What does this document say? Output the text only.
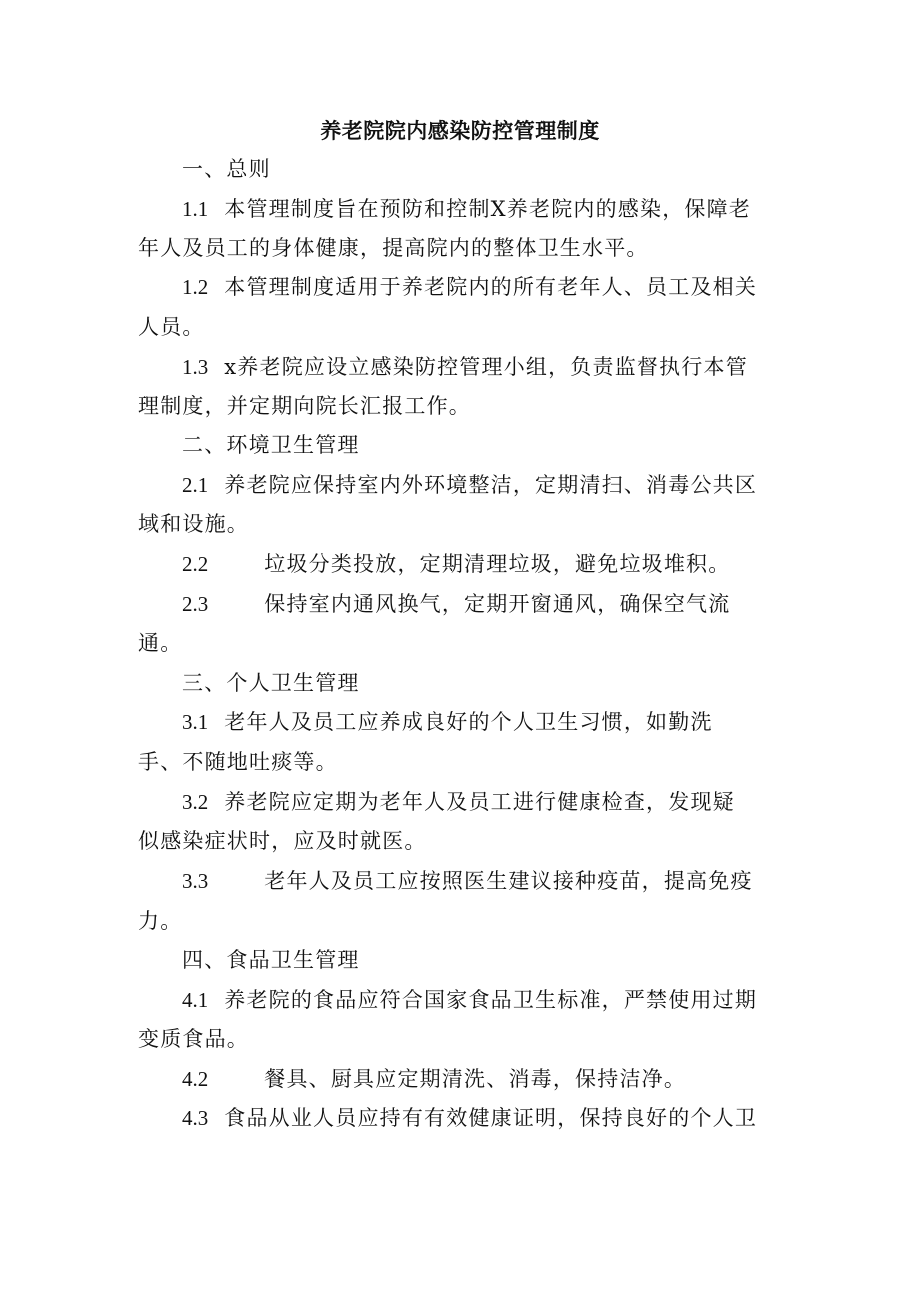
养老院院内感染防控管理制度
一、总则
1.1 本管理制度旨在预防和控制X养老院内的感染，保障老
年人及员工的身体健康，提高院内的整体卫生水平。
1.2 本管理制度适用于养老院内的所有老年人、员工及相关
人员。
1.3 x养老院应设立感染防控管理小组，负责监督执行本管
理制度，并定期向院长汇报工作。
二、环境卫生管理
2.1 养老院应保持室内外环境整洁，定期清扫、消毒公共区
域和设施。
2.2	垃圾分类投放，定期清理垃圾，避免垃圾堆积。
2.3	保持室内通风换气，定期开窗通风，确保空气流
通。
三、个人卫生管理
3.1 老年人及员工应养成良好的个人卫生习惯，如勤洗
手、不随地吐痰等。
3.2 养老院应定期为老年人及员工进行健康检查，发现疑
似感染症状时，应及时就医。
3.3	老年人及员工应按照医生建议接种疫苗，提高免疫
力。
四、食品卫生管理
4.1 养老院的食品应符合国家食品卫生标准，严禁使用过期
变质食品。
4.2	餐具、厨具应定期清洗、消毒，保持洁净。
4.3 食品从业人员应持有有效健康证明，保持良好的个人卫
